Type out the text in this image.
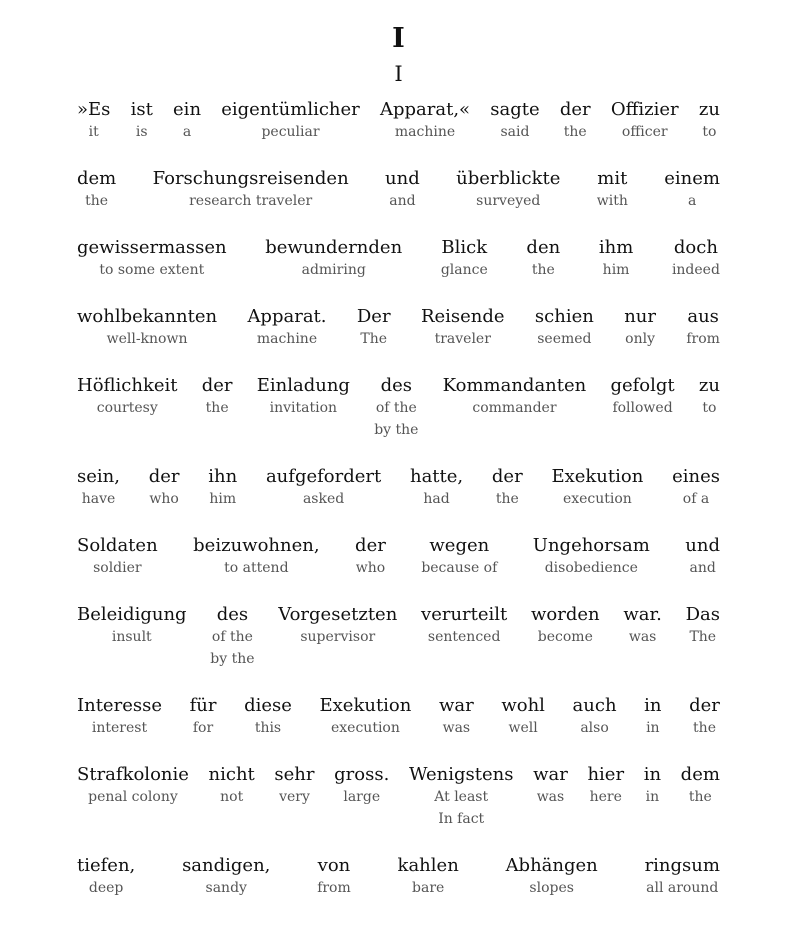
I
I
»Es
it
ist
is
ein
a
eigentümlicher
peculiar
Apparat,«
machine
sagte
said
der
the
Offizier
officer
zu
to
dem
the
Forschungsreisenden
research traveler
und
and
überblickte
surveyed
mit
with
einem
a
gewissermassen
to some extent
bewundernden
admiring
Blick
glance
den
the
ihm
him
doch
indeed
wohlbekannten
well-known
Apparat.
machine
Der
The
Reisende
traveler
schien
seemed
nur
only
aus
from
Höflichkeit
courtesy
der
the
Einladung
invitation
des
of the
by the
Kommandanten
commander
gefolgt
followed
zu
to
sein,
have
der
who
ihn
him
aufgefordert
asked
hatte,
had
der
the
Exekution
execution
eines
of a
Soldaten
soldier
beizuwohnen,
to attend
der
who
wegen
because of
Ungehorsam
disobedience
und
and
Beleidigung
insult
des
of the
by the
Vorgesetzten
supervisor
verurteilt
sentenced
worden
become
war.
was
Das
The
Interesse
interest
für
for
diese
this
Exekution
execution
war
was
wohl
well
auch
also
in
in
der
the
Strafkolonie
penal colony
nicht
not
sehr
very
gross.
large
Wenigstens
At least
In fact
war
was
hier
here
in
in
dem
the
tiefen,
deep
sandigen,
sandy
von
from
kahlen
bare
Abhängen
slopes
ringsum
all around
